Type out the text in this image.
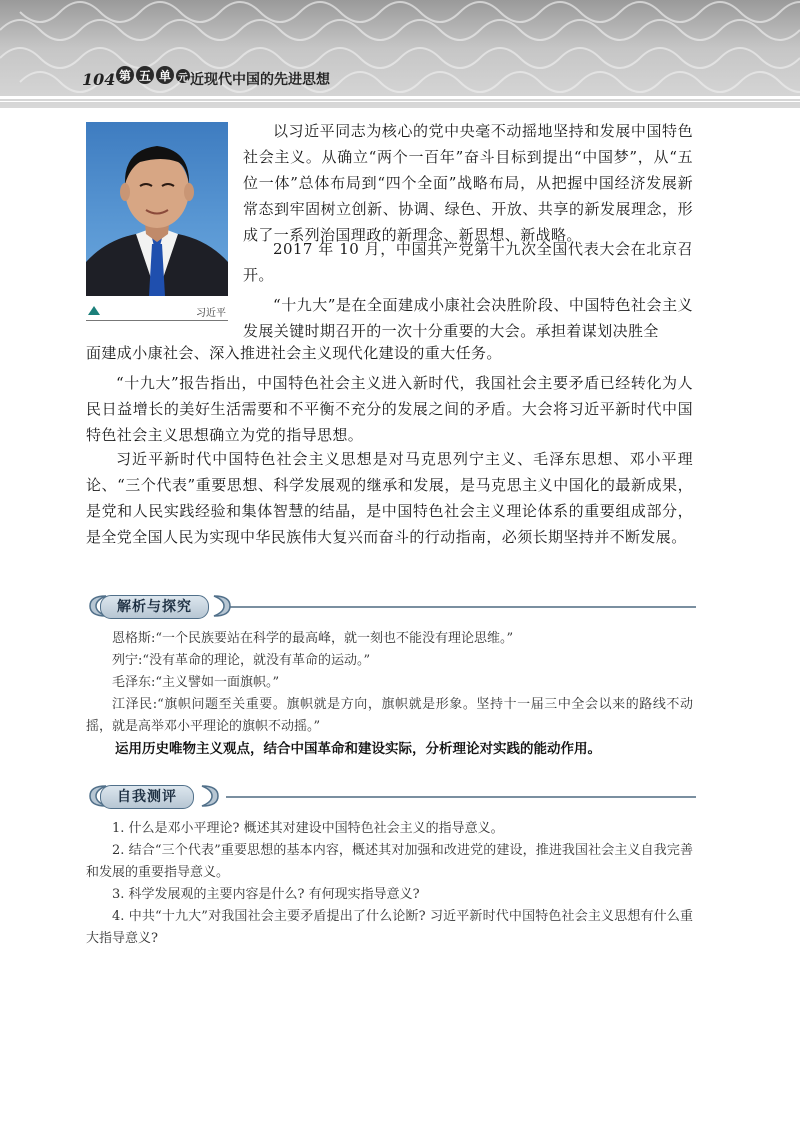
104 第 五 单 元 近现代中国的先进思想
习近平

以习近平同志为核心的党中央毫不动摇地坚持和发展中国特色社会主义。从确立“两个一百年”奋斗目标到提出“中国梦”，从“五位一体”总体布局到“四个全面”战略布局，从把握中国经济发展新常态到牢固树立创新、协调、绿色、开放、共享的新发展理念，形成了一系列治国理政的新理念、新思想、新战略。

2017 年 10 月，中国共产党第十九次全国代表大会在北京召开。

“十九大”是在全面建成小康社会决胜阶段、中国特色社会主义发展关键时期召开的一次十分重要的大会。承担着谋划决胜全

面建成小康社会、深入推进社会主义现代化建设的重大任务。

“十九大”报告指出，中国特色社会主义进入新时代，我国社会主要矛盾已经转化为人民日益增长的美好生活需要和不平衡不充分的发展之间的矛盾。大会将习近平新时代中国特色社会主义思想确立为党的指导思想。

习近平新时代中国特色社会主义思想是对马克思列宁主义、毛泽东思想、邓小平理论、“三个代表”重要思想、科学发展观的继承和发展，是马克思主义中国化的最新成果，是党和人民实践经验和集体智慧的结晶，是中国特色社会主义理论体系的重要组成部分，是全党全国人民为实现中华民族伟大复兴而奋斗的行动指南，必须长期坚持并不断发展。

解析与探究

恩格斯:“一个民族要站在科学的最高峰，就一刻也不能没有理论思维。”

列宁:“没有革命的理论，就没有革命的运动。”

毛泽东:“主义譬如一面旗帜。”

江泽民:“旗帜问题至关重要。旗帜就是方向，旗帜就是形象。坚持十一届三中全会以来的路线不动摇，就是高举邓小平理论的旗帜不动摇。”

运用历史唯物主义观点，结合中国革命和建设实际，分析理论对实践的能动作用。

自我测评

1. 什么是邓小平理论? 概述其对建设中国特色社会主义的指导意义。

2. 结合“三个代表”重要思想的基本内容，概述其对加强和改进党的建设，推进我国社会主义自我完善和发展的重要指导意义。

3. 科学发展观的主要内容是什么? 有何现实指导意义?

4. 中共“十九大”对我国社会主要矛盾提出了什么论断? 习近平新时代中国特色社会主义思想有什么重大指导意义?
